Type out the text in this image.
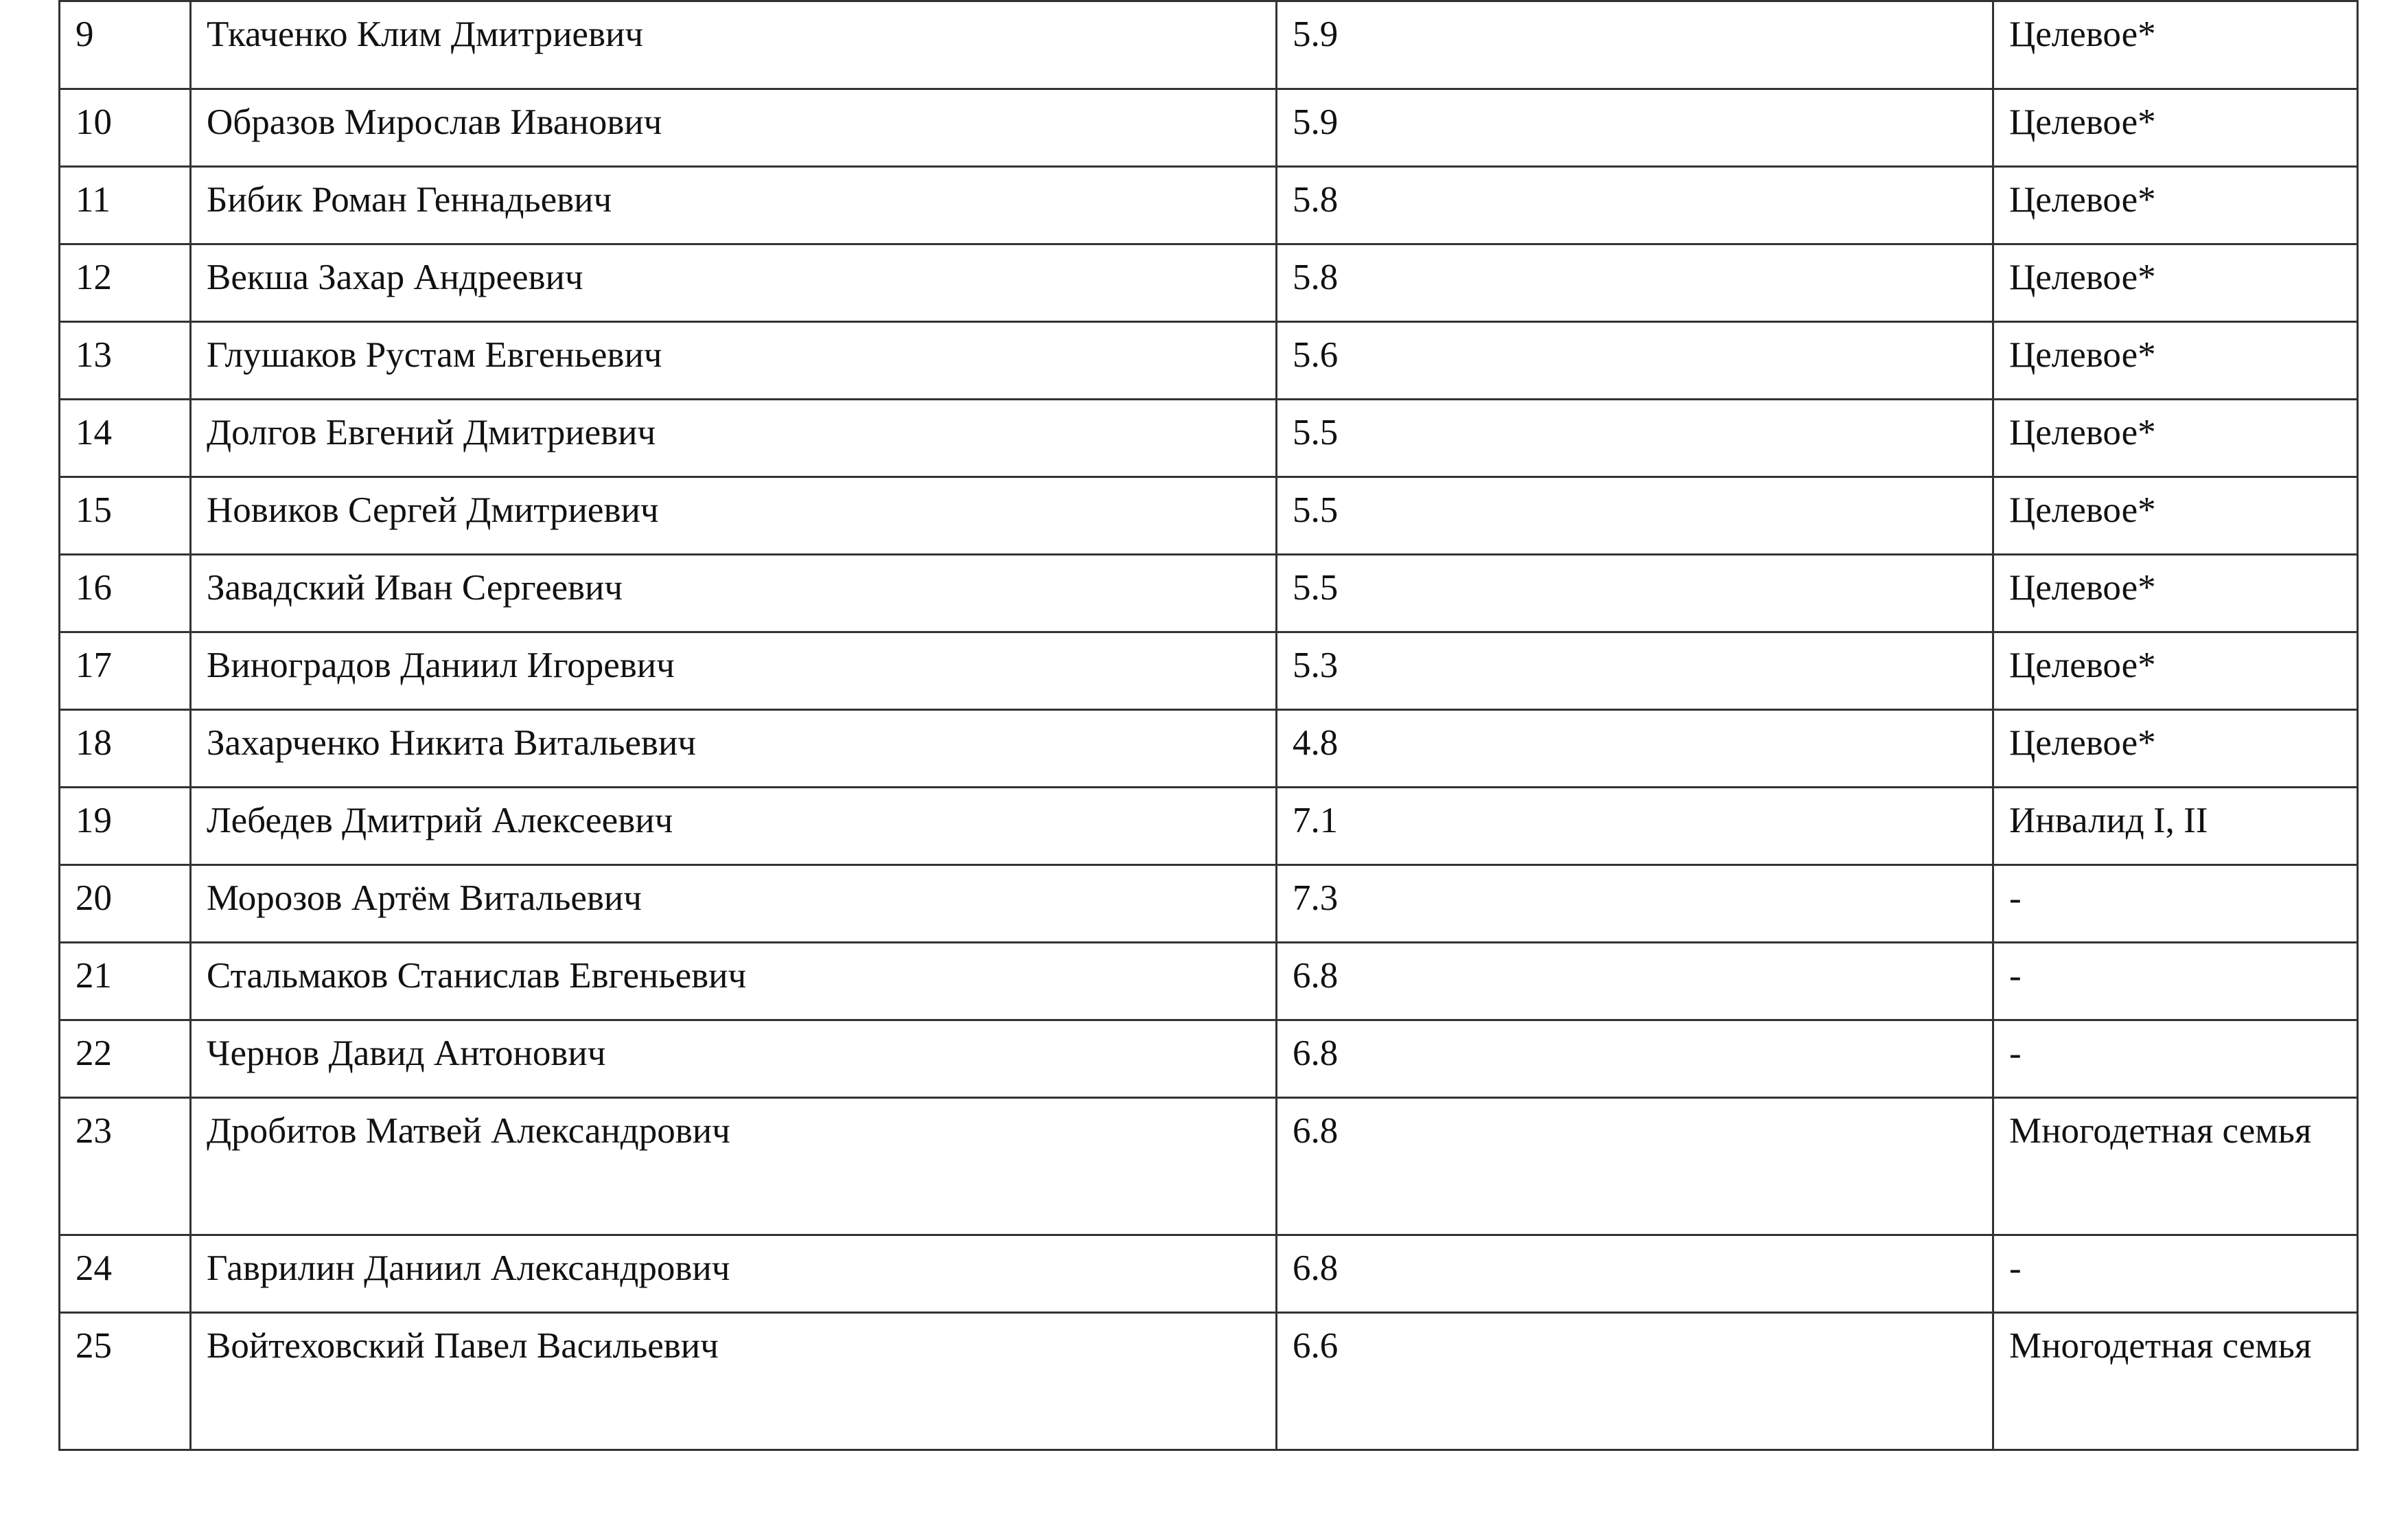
9	Ткаченко Клим Дмитриевич	5.9	Целевое*
10	Образов Мирослав Иванович	5.9	Целевое*
11	Бибик Роман Геннадьевич	5.8	Целевое*
12	Векша Захар Андреевич	5.8	Целевое*
13	Глушаков Рустам Евгеньевич	5.6	Целевое*
14	Долгов Евгений Дмитриевич	5.5	Целевое*
15	Новиков Сергей Дмитриевич	5.5	Целевое*
16	Завадский Иван Сергеевич	5.5	Целевое*
17	Виноградов Даниил Игоревич	5.3	Целевое*
18	Захарченко Никита Витальевич	4.8	Целевое*
19	Лебедев Дмитрий Алексеевич	7.1	Инвалид I, II
20	Морозов Артём Витальевич	7.3	-
21	Стальмаков Станислав Евгеньевич	6.8	-
22	Чернов Давид Антонович	6.8	-
23	Дробитов Матвей Александрович	6.8	Многодетная семья
24	Гаврилин Даниил Александрович	6.8	-
25	Войтеховский Павел Васильевич	6.6	Многодетная семья
